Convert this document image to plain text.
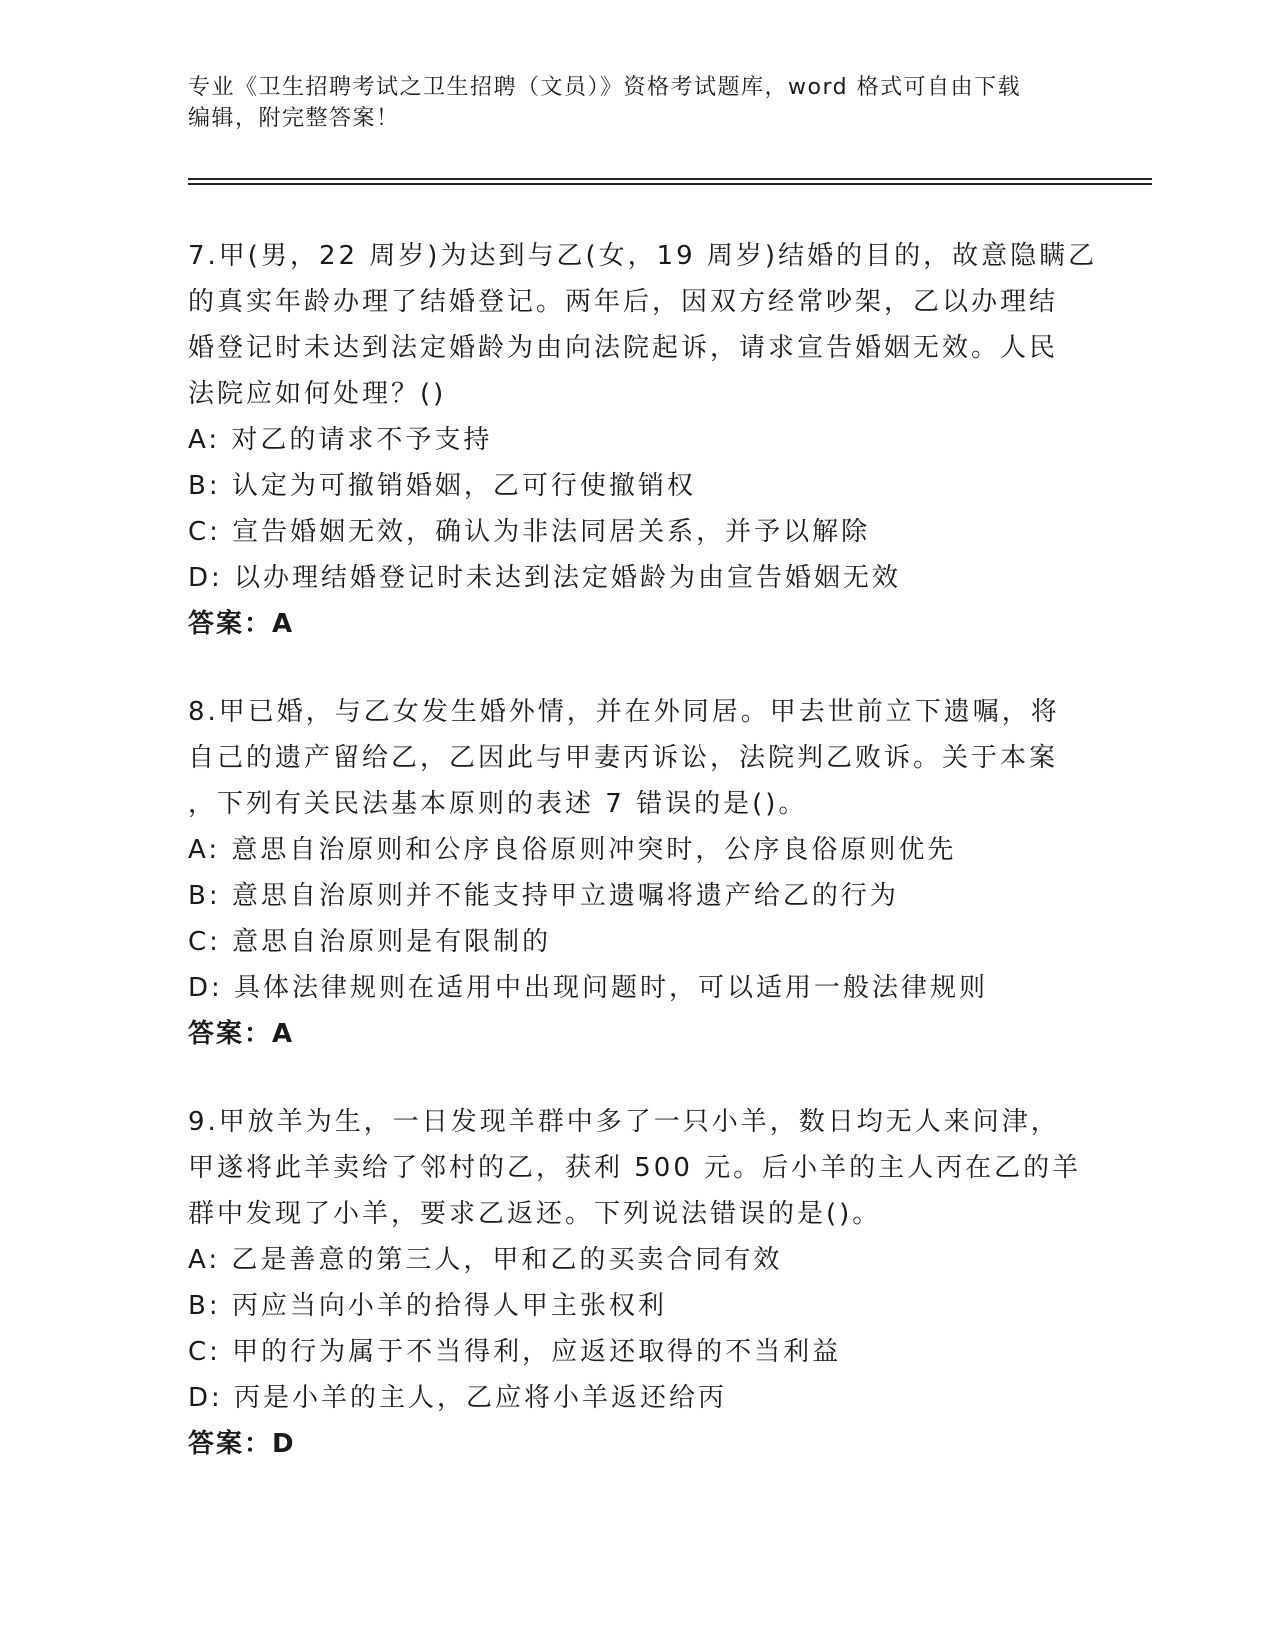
专业《卫生招聘考试之卫生招聘（文员）》资格考试题库，word 格式可自由下载
编辑，附完整答案！
7.甲(男，22 周岁)为达到与乙(女，19 周岁)结婚的目的，故意隐瞒乙
的真实年龄办理了结婚登记。两年后，因双方经常吵架，乙以办理结
婚登记时未达到法定婚龄为由向法院起诉，请求宣告婚姻无效。人民
法院应如何处理？()
A: 对乙的请求不予支持
B: 认定为可撤销婚姻，乙可行使撤销权
C: 宣告婚姻无效，确认为非法同居关系，并予以解除
D: 以办理结婚登记时未达到法定婚龄为由宣告婚姻无效
答案：A
8.甲已婚，与乙女发生婚外情，并在外同居。甲去世前立下遗嘱，将
自己的遗产留给乙，乙因此与甲妻丙诉讼，法院判乙败诉。关于本案
，下列有关民法基本原则的表述 7 错误的是()。
A: 意思自治原则和公序良俗原则冲突时，公序良俗原则优先
B: 意思自治原则并不能支持甲立遗嘱将遗产给乙的行为
C: 意思自治原则是有限制的
D: 具体法律规则在适用中出现问题时，可以适用一般法律规则
答案：A
9.甲放羊为生，一日发现羊群中多了一只小羊，数日均无人来问津，
甲遂将此羊卖给了邻村的乙，获利 500 元。后小羊的主人丙在乙的羊
群中发现了小羊，要求乙返还。下列说法错误的是()。
A: 乙是善意的第三人，甲和乙的买卖合同有效
B: 丙应当向小羊的拾得人甲主张权利
C: 甲的行为属于不当得利，应返还取得的不当利益
D: 丙是小羊的主人，乙应将小羊返还给丙
答案：D
